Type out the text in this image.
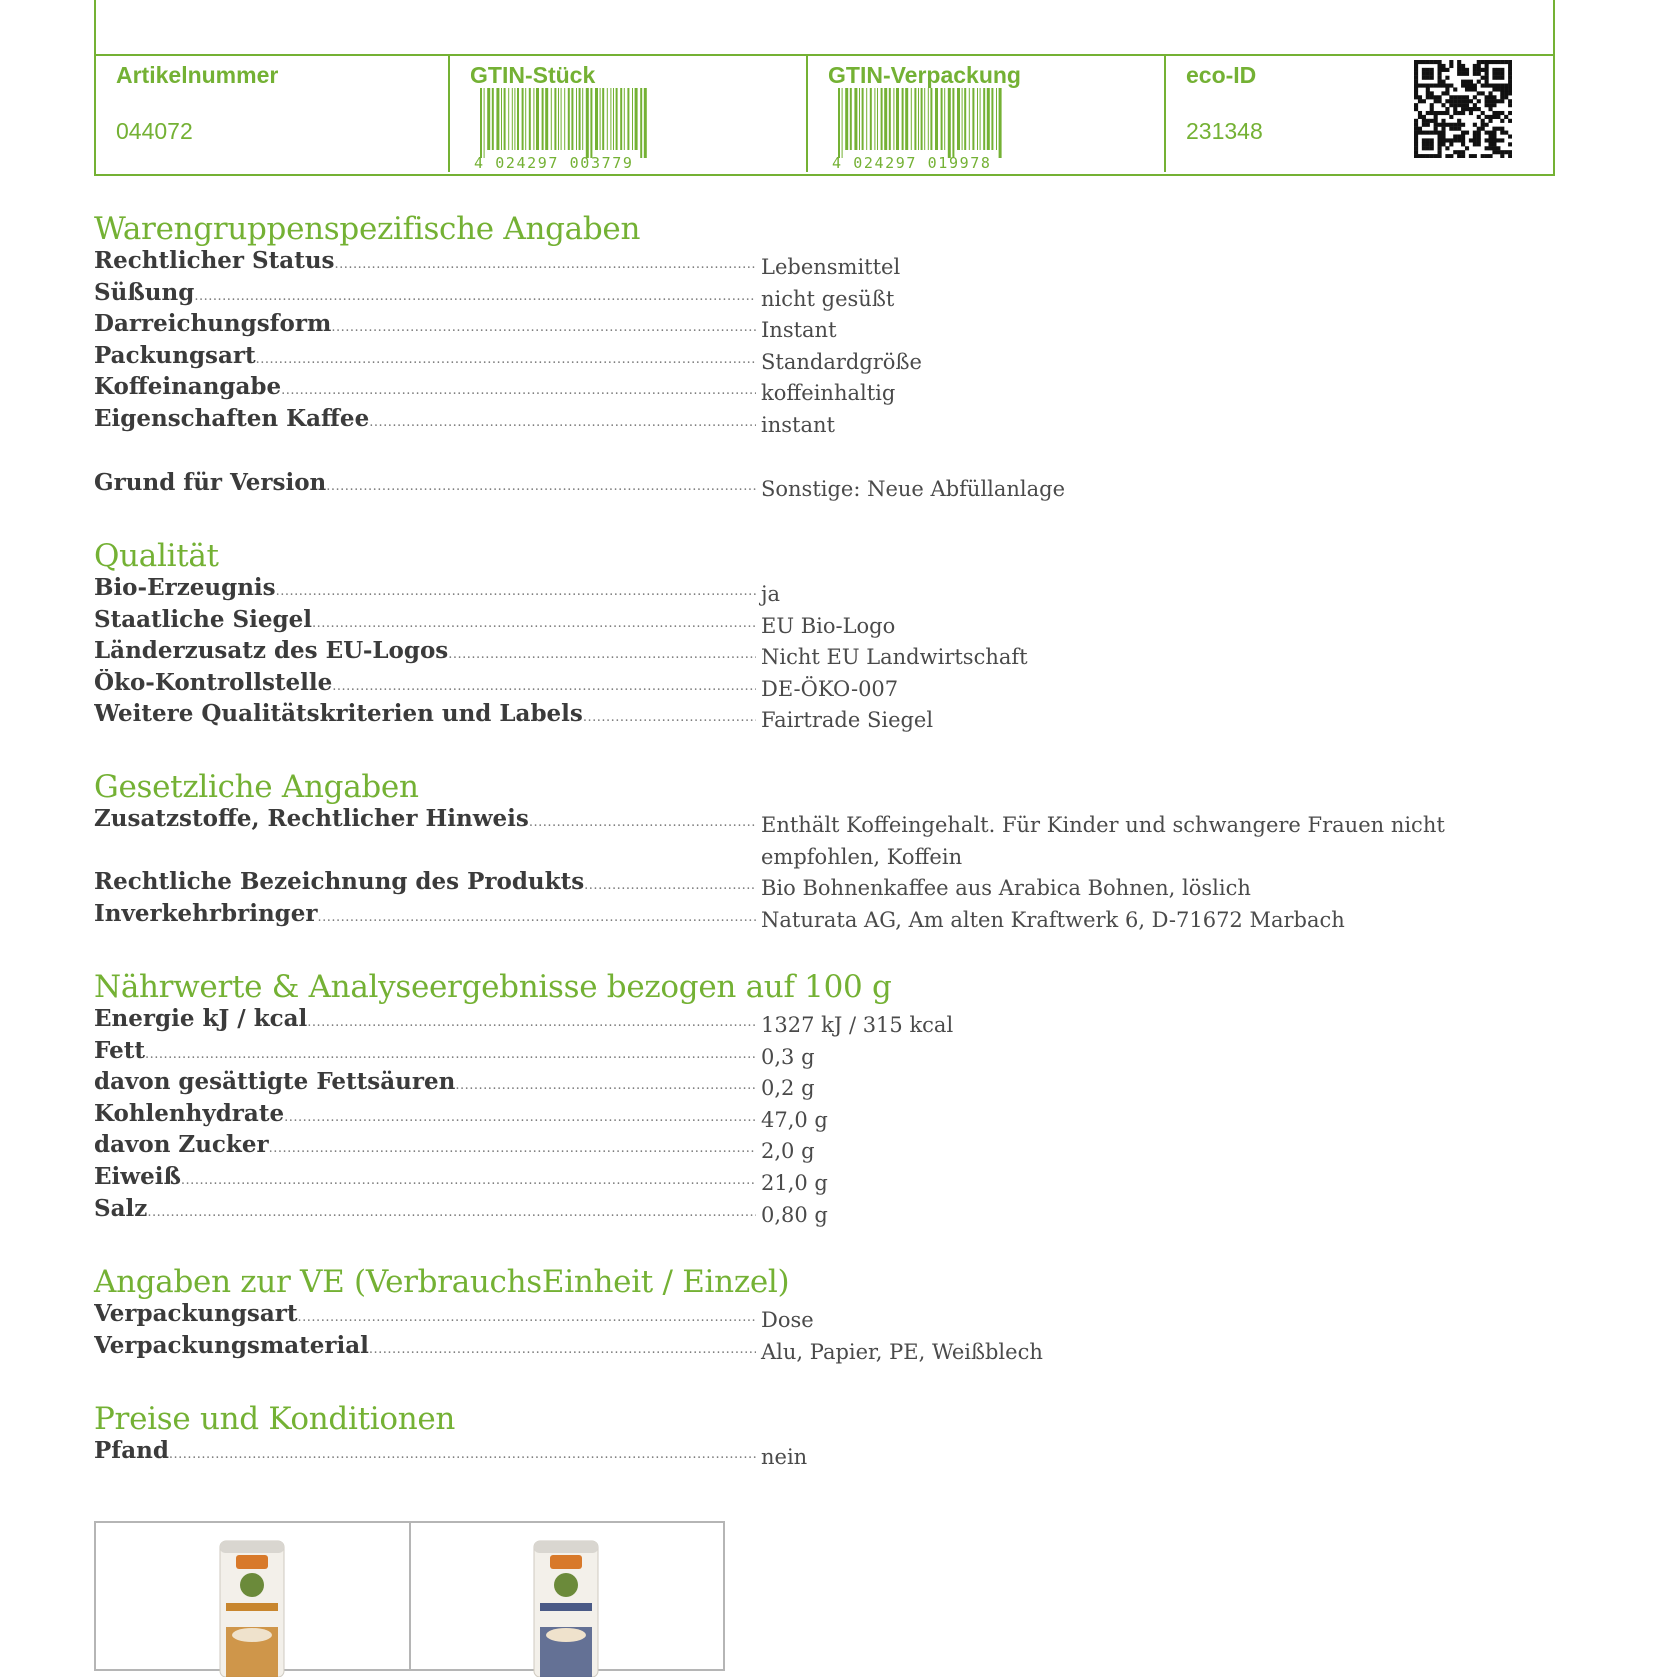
Artikelnummer
044072
GTIN-Stück
4 024297 003779
GTIN-Verpackung
4 024297 019978
eco-ID
231348
Warengruppenspezifische Angaben
Rechtlicher Status .....	Lebensmittel
Süßung .....	nicht gesüßt
Darreichungsform .....	Instant
Packungsart .....	Standardgröße
Koffeinangabe .....	koffeinhaltig
Eigenschaften Kaffee .....	instant
Grund für Version .....	Sonstige: Neue Abfüllanlage
Qualität
Bio-Erzeugnis .....	ja
Staatliche Siegel .....	EU Bio-Logo
Länderzusatz des EU-Logos .....	Nicht EU Landwirtschaft
Öko-Kontrollstelle .....	DE-ÖKO-007
Weitere Qualitätskriterien und Labels .....	Fairtrade Siegel
Gesetzliche Angaben
Zusatzstoffe, Rechtlicher Hinweis .....	Enthält Koffeingehalt. Für Kinder und schwangere Frauen nicht empfohlen, Koffein
Rechtliche Bezeichnung des Produkts .....	Bio Bohnenkaffee aus Arabica Bohnen, löslich
Inverkehrbringer .....	Naturata AG, Am alten Kraftwerk 6, D-71672 Marbach
Nährwerte & Analyseergebnisse bezogen auf 100 g
Energie kJ / kcal .....	1327 kJ / 315 kcal
Fett .....	0,3 g
davon gesättigte Fettsäuren .....	0,2 g
Kohlenhydrate .....	47,0 g
davon Zucker .....	2,0 g
Eiweiß .....	21,0 g
Salz .....	0,80 g
Angaben zur VE (VerbrauchsEinheit / Einzel)
Verpackungsart .....	Dose
Verpackungsmaterial .....	Alu, Papier, PE, Weißblech
Preise und Konditionen
Pfand .....	nein
